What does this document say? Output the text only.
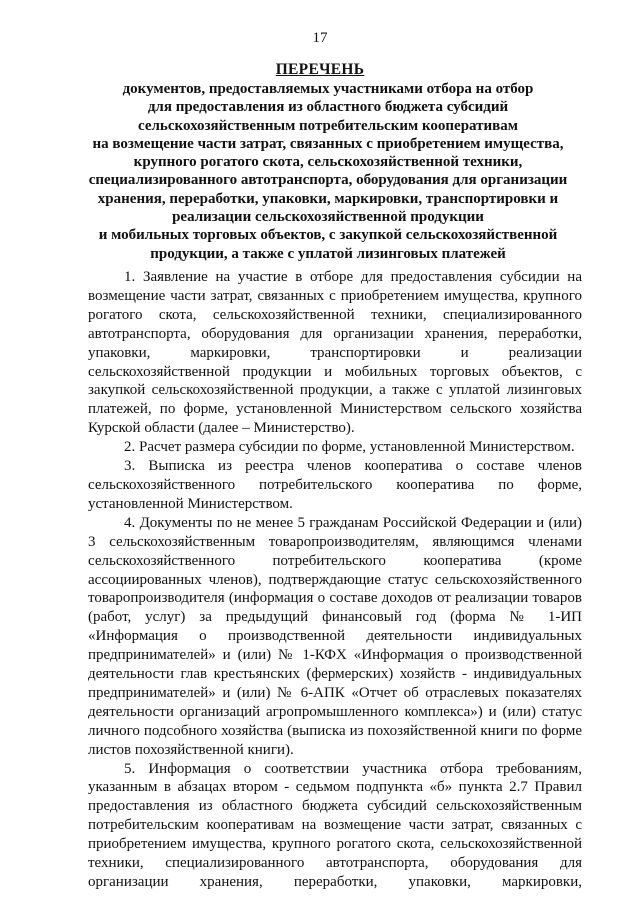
17
ПЕРЕЧЕНЬ
документов, предоставляемых участниками отбора на отбор
для предоставления из областного бюджета субсидий
сельскохозяйственным потребительским кооперативам
на возмещение части затрат, связанных с приобретением имущества,
крупного рогатого скота, сельскохозяйственной техники,
специализированного автотранспорта, оборудования для организации
хранения, переработки, упаковки, маркировки, транспортировки и
реализации сельскохозяйственной продукции
и мобильных торговых объектов, с закупкой сельскохозяйственной
продукции, а также с уплатой лизинговых платежей

1. Заявление на участие в отборе для предоставления субсидии на возмещение части затрат, связанных с приобретением имущества, крупного рогатого скота, сельскохозяйственной техники, специализированного автотранспорта, оборудования для организации хранения, переработки, упаковки, маркировки, транспортировки и реализации сельскохозяйственной продукции и мобильных торговых объектов, с закупкой сельскохозяйственной продукции, а также с уплатой лизинговых платежей, по форме, установленной Министерством сельского хозяйства Курской области (далее – Министерство).

2. Расчет размера субсидии по форме, установленной Министерством.

3. Выписка из реестра членов кооператива о составе членов сельскохозяйственного потребительского кооператива по форме, установленной Министерством.

4. Документы по не менее 5 гражданам Российской Федерации и (или) 3 сельскохозяйственным товаропроизводителям, являющимся членами сельскохозяйственного потребительского кооператива (кроме ассоциированных членов), подтверждающие статус сельскохозяйственного товаропроизводителя (информация о составе доходов от реализации товаров (работ, услуг) за предыдущий финансовый год (форма № 1-ИП «Информация о производственной деятельности индивидуальных предпринимателей» и (или) № 1-КФХ «Информация о производственной деятельности глав крестьянских (фермерских) хозяйств - индивидуальных предпринимателей» и (или) № 6-АПК «Отчет об отраслевых показателях деятельности организаций агропромышленного комплекса») и (или) статус личного подсобного хозяйства (выписка из похозяйственной книги по форме листов похозяйственной книги).

5. Информация о соответствии участника отбора требованиям, указанным в абзацах втором - седьмом подпункта «б» пункта 2.7 Правил предоставления из областного бюджета субсидий сельскохозяйственным потребительским кооперативам на возмещение части затрат, связанных с приобретением имущества, крупного рогатого скота, сельскохозяйственной техники, специализированного автотранспорта, оборудования для организации хранения, переработки, упаковки, маркировки,
